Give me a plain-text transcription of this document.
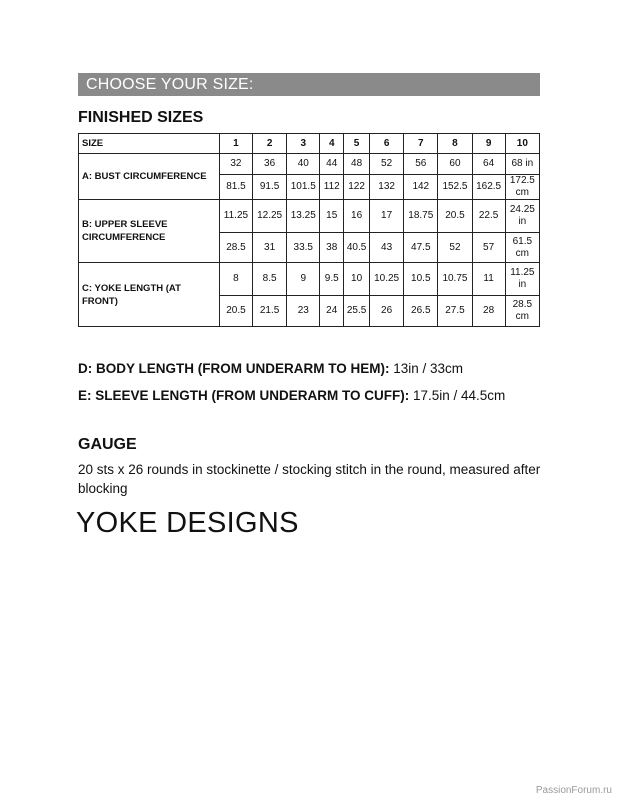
CHOOSE YOUR SIZE:
FINISHED SIZES
SIZE	1	2	3	4	5	6	7	8	9	10
A: BUST CIRCUMFERENCE	32	36	40	44	48	52	56	60	64	68 in
	81.5	91.5	101.5	112	122	132	142	152.5	162.5	172.5 cm
B: UPPER SLEEVE CIRCUMFERENCE	11.25	12.25	13.25	15	16	17	18.75	20.5	22.5	24.25 in
	28.5	31	33.5	38	40.5	43	47.5	52	57	61.5 cm
C: YOKE LENGTH (AT FRONT)	8	8.5	9	9.5	10	10.25	10.5	10.75	11	11.25 in
	20.5	21.5	23	24	25.5	26	26.5	27.5	28	28.5 cm
D: BODY LENGTH (FROM UNDERARM TO HEM): 13in / 33cm
E: SLEEVE LENGTH (FROM UNDERARM TO CUFF): 17.5in / 44.5cm
GAUGE
20 sts x 26 rounds in stockinette / stocking stitch in the round, measured after blocking
YOKE DESIGNS
PassionForum.ru
